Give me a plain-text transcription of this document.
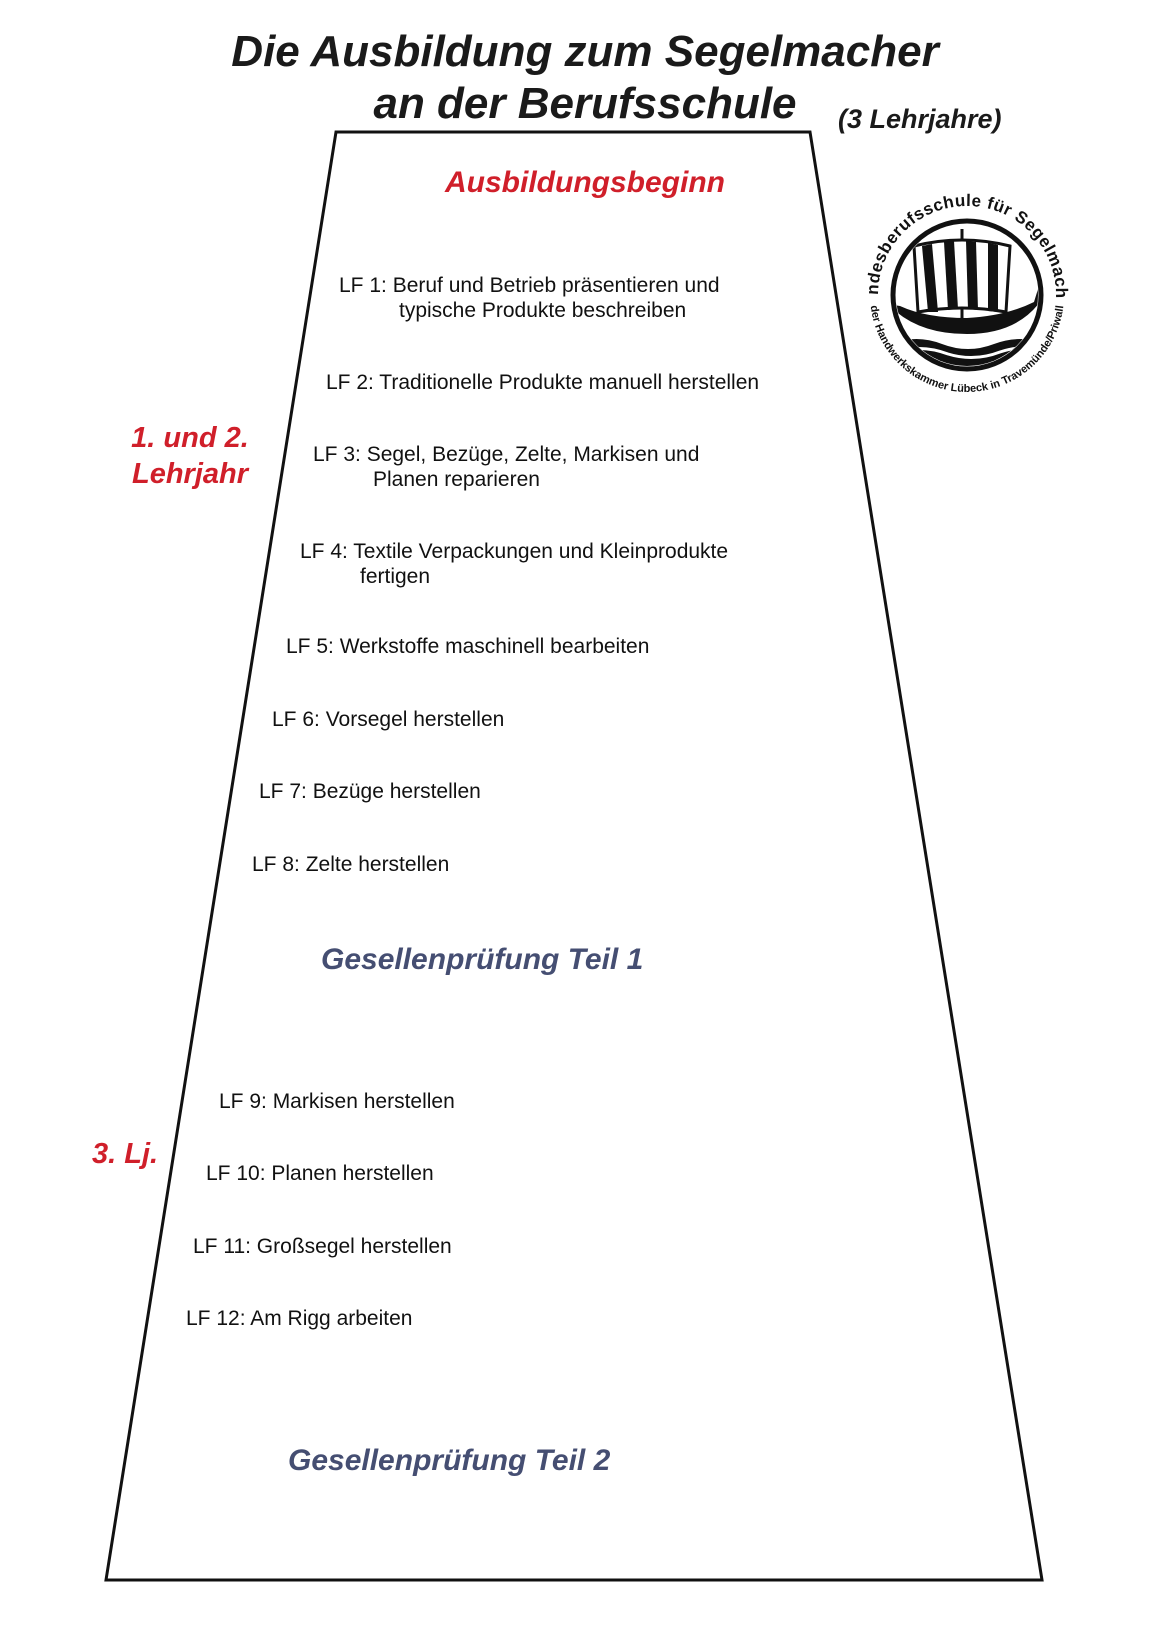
Die Ausbildung zum Segelmacher
an der Berufsschule	(3 Lehrjahre)
Ausbildungsbeginn
1. und 2.
Lehrjahr
3. Lj.
LF 1: Beruf und Betrieb präsentieren und
typische Produkte beschreiben
LF 2: Traditionelle Produkte manuell herstellen
LF 3: Segel, Bezüge, Zelte, Markisen und
Planen reparieren
LF 4: Textile Verpackungen und Kleinprodukte
fertigen
LF 5: Werkstoffe maschinell bearbeiten
LF 6: Vorsegel herstellen
LF 7: Bezüge herstellen
LF 8: Zelte herstellen
Gesellenprüfung Teil 1
LF 9: Markisen herstellen
LF 10: Planen herstellen
LF 11: Großsegel herstellen
LF 12: Am Rigg arbeiten
Gesellenprüfung Teil 2
ndesberufsschule für Segelmach
der Handwerkskammer Lübeck in Travemünde/Priwall
